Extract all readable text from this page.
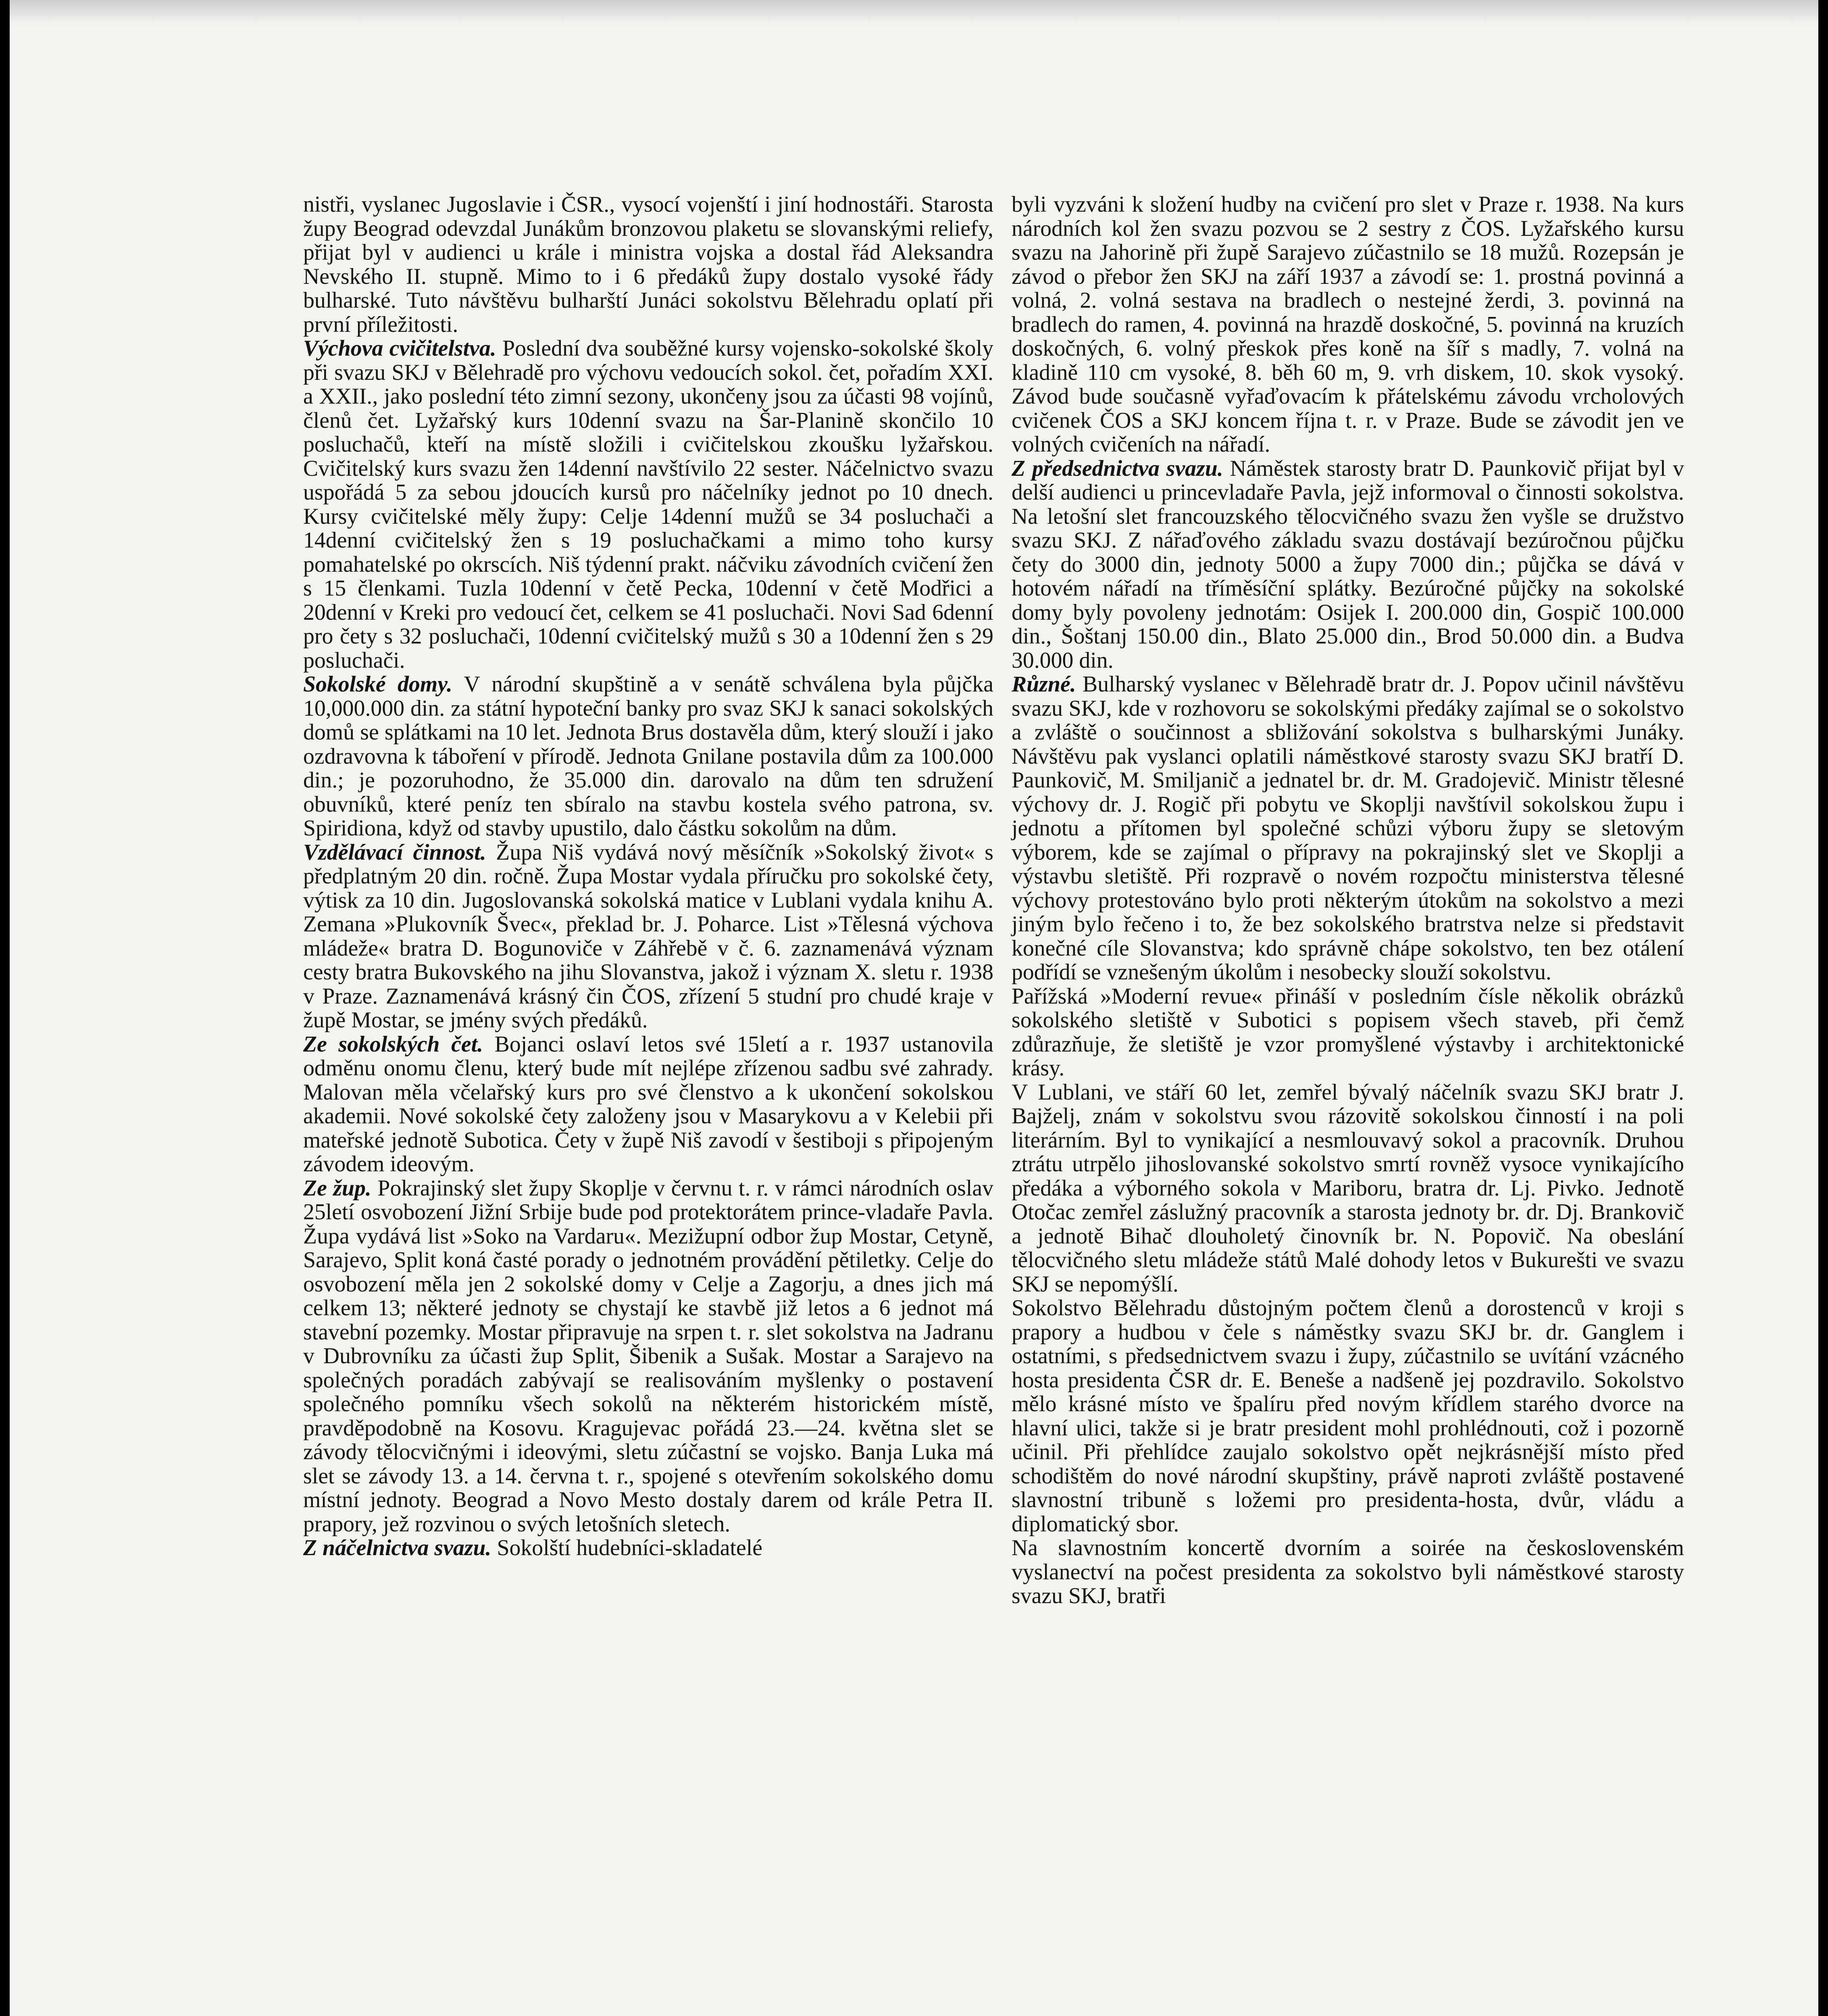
nistři, vyslanec Jugoslavie i ČSR., vysocí vojenští i jiní hodnostáři. Starosta župy Beograd odevzdal Junákům bronzovou plaketu se slovanskými reliefy, přijat byl v audienci u krále i ministra vojska a dostal řád Aleksandra Nevského II. stupně. Mimo to i 6 předáků župy dostalo vysoké řády bulharské. Tuto návštěvu bulharští Junáci sokolstvu Bělehradu oplatí při první příležitosti.

Výchova cvičitelstva. Poslední dva souběžné kursy vojensko-sokolské školy při svazu SKJ v Bělehradě pro výchovu vedoucích sokol. čet, pořadím XXI. a XXII., jako poslední této zimní sezony, ukončeny jsou za účasti 98 vojínů, členů čet. Lyžařský kurs 10denní svazu na Šar-Planině skončilo 10 posluchačů, kteří na místě složili i cvičitelskou zkoušku lyžařskou. Cvičitelský kurs svazu žen 14denní navštívilo 22 sester. Náčelnictvo svazu uspořádá 5 za sebou jdoucích kursů pro náčelníky jednot po 10 dnech. Kursy cvičitelské měly župy: Celje 14denní mužů se 34 posluchači a 14denní cvičitelský žen s 19 posluchačkami a mimo toho kursy pomahatelské po okrscích. Niš týdenní prakt. náčviku závodních cvičení žen s 15 členkami. Tuzla 10denní v četě Pecka, 10denní v četě Modřici a 20denní v Kreki pro vedoucí čet, celkem se 41 posluchači. Novi Sad 6denní pro čety s 32 posluchači, 10denní cvičitelský mužů s 30 a 10denní žen s 29 posluchači.

Sokolské domy. V národní skupštině a v senátě schválena byla půjčka 10,000.000 din. za státní hypoteční banky pro svaz SKJ k sanaci sokolských domů se splátkami na 10 let. Jednota Brus dostavěla dům, který slouží i jako ozdravovna k táboření v přírodě. Jednota Gnilane postavila dům za 100.000 din.; je pozoruhodno, že 35.000 din. darovalo na dům ten sdružení obuvníků, které peníz ten sbíralo na stavbu kostela svého patrona, sv. Spiridiona, když od stavby upustilo, dalo částku sokolům na dům.

Vzdělávací činnost. Župa Niš vydává nový měsíčník »Sokolský život« s předplatným 20 din. ročně. Župa Mostar vydala příručku pro sokolské čety, výtisk za 10 din. Jugoslovanská sokolská matice v Lublani vydala knihu A. Zemana »Plukovník Švec«, překlad br. J. Poharce. List »Tělesná výchova mládeže« bratra D. Bogunoviče v Záhřebě v č. 6. zaznamenává význam cesty bratra Bukovského na jihu Slovanstva, jakož i význam X. sletu r. 1938 v Praze. Zaznamenává krásný čin ČOS, zřízení 5 studní pro chudé kraje v župě Mostar, se jmény svých předáků.

Ze sokolských čet. Bojanci oslaví letos své 15letí a r. 1937 ustanovila odměnu onomu členu, který bude mít nejlépe zřízenou sadbu své zahrady. Malovan měla včelařský kurs pro své členstvo a k ukončení sokolskou akademii. Nové sokolské čety založeny jsou v Masarykovu a v Kelebii při mateřské jednotě Subotica. Čety v župě Niš zavodí v šestiboji s připojeným závodem ideovým.

Ze žup. Pokrajinský slet župy Skoplje v červnu t. r. v rámci národních oslav 25letí osvobození Jižní Srbije bude pod protektorátem prince-vladaře Pavla. Župa vydává list »Soko na Vardaru«. Mezižupní odbor žup Mostar, Cetyně, Sarajevo, Split koná časté porady o jednotném provádění pětiletky. Celje do osvobození měla jen 2 sokolské domy v Celje a Zagorju, a dnes jich má celkem 13; některé jednoty se chystají ke stavbě již letos a 6 jednot má stavební pozemky. Mostar připravuje na srpen t. r. slet sokolstva na Jadranu v Dubrovníku za účasti žup Split, Šibenik a Sušak. Mostar a Sarajevo na společných poradách zabývají se realisováním myšlenky o postavení společného pomníku všech sokolů na některém historickém místě, pravděpodobně na Kosovu. Kragujevac pořádá 23.—24. května slet se závody tělocvičnými i ideovými, sletu zúčastní se vojsko. Banja Luka má slet se závody 13. a 14. června t. r., spojené s otevřením sokolského domu místní jednoty. Beograd a Novo Mesto dostaly darem od krále Petra II. prapory, jež rozvinou o svých letošních sletech.

Z náčelnictva svazu. Sokolští hudebníci-skladatelé

byli vyzváni k složení hudby na cvičení pro slet v Praze r. 1938. Na kurs národních kol žen svazu pozvou se 2 sestry z ČOS. Lyžařského kursu svazu na Jahorině při župě Sarajevo zúčastnilo se 18 mužů. Rozepsán je závod o přebor žen SKJ na září 1937 a závodí se: 1. prostná povinná a volná, 2. volná sestava na bradlech o nestejné žerdi, 3. povinná na bradlech do ramen, 4. povinná na hrazdě doskočné, 5. povinná na kruzích doskočných, 6. volný přeskok přes koně na šíř s madly, 7. volná na kladině 110 cm vysoké, 8. běh 60 m, 9. vrh diskem, 10. skok vysoký. Závod bude současně vyřaďovacím k přátelskému závodu vrcholových cvičenek ČOS a SKJ koncem října t. r. v Praze. Bude se závodit jen ve volných cvičeních na nářadí.

Z předsednictva svazu. Náměstek starosty bratr D. Paunkovič přijat byl v delší audienci u princevladaře Pavla, jejž informoval o činnosti sokolstva. Na letošní slet francouzského tělocvičného svazu žen vyšle se družstvo svazu SKJ. Z nářaďového základu svazu dostávají bezúročnou půjčku čety do 3000 din, jednoty 5000 a župy 7000 din.; půjčka se dává v hotovém nářadí na tříměsíční splátky. Bezúročné půjčky na sokolské domy byly povoleny jednotám: Osijek I. 200.000 din, Gospič 100.000 din., Šoštanj 150.00 din., Blato 25.000 din., Brod 50.000 din. a Budva 30.000 din.

Různé. Bulharský vyslanec v Bělehradě bratr dr. J. Popov učinil návštěvu svazu SKJ, kde v rozhovoru se sokolskými předáky zajímal se o sokolstvo a zvláště o součinnost a sbližování sokolstva s bulharskými Junáky. Návštěvu pak vyslanci oplatili náměstkové starosty svazu SKJ bratří D. Paunkovič, M. Smiljanič a jednatel br. dr. M. Gradojevič. Ministr tělesné výchovy dr. J. Rogič při pobytu ve Skoplji navštívil sokolskou župu i jednotu a přítomen byl společné schůzi výboru župy se sletovým výborem, kde se zajímal o přípravy na pokrajinský slet ve Skoplji a výstavbu sletiště. Při rozpravě o novém rozpočtu ministerstva tělesné výchovy protestováno bylo proti některým útokům na sokolstvo a mezi jiným bylo řečeno i to, že bez sokolského bratrstva nelze si představit konečné cíle Slovanstva; kdo správně chápe sokolstvo, ten bez otálení podřídí se vznešeným úkolům i nesobecky slouží sokolstvu.

Pařížská »Moderní revue« přináší v posledním čísle několik obrázků sokolského sletiště v Subotici s popisem všech staveb, při čemž zdůrazňuje, že sletiště je vzor promyšlené výstavby i architektonické krásy.

V Lublani, ve stáří 60 let, zemřel bývalý náčelník svazu SKJ bratr J. Bajželj, znám v sokolstvu svou rázovitě sokolskou činností i na poli literárním. Byl to vynikající a nesmlouvavý sokol a pracovník. Druhou ztrátu utrpělo jihoslovanské sokolstvo smrtí rovněž vysoce vynikajícího předáka a výborného sokola v Mariboru, bratra dr. Lj. Pivko. Jednotě Otočac zemřel záslužný pracovník a starosta jednoty br. dr. Dj. Brankovič a jednotě Bihač dlouholetý činovník br. N. Popovič. Na obeslání tělocvičného sletu mládeže států Malé dohody letos v Bukurešti ve svazu SKJ se nepomýšlí.

Sokolstvo Bělehradu důstojným počtem členů a dorostenců v kroji s prapory a hudbou v čele s náměstky svazu SKJ br. dr. Ganglem i ostatními, s předsednictvem svazu i župy, zúčastnilo se uvítání vzácného hosta presidenta ČSR dr. E. Beneše a nadšeně jej pozdravilo. Sokolstvo mělo krásné místo ve špalíru před novým křídlem starého dvorce na hlavní ulici, takže si je bratr president mohl prohlédnouti, což i pozorně učinil. Při přehlídce zaujalo sokolstvo opět nejkrásnější místo před schodištěm do nové národní skupštiny, právě naproti zvláště postavené slavnostní tribuně s ložemi pro presidenta-hosta, dvůr, vládu a diplomatický sbor.

Na slavnostním koncertě dvorním a soirée na československém vyslanectví na počest presidenta za sokolstvo byli náměstkové starosty svazu SKJ, bratři
